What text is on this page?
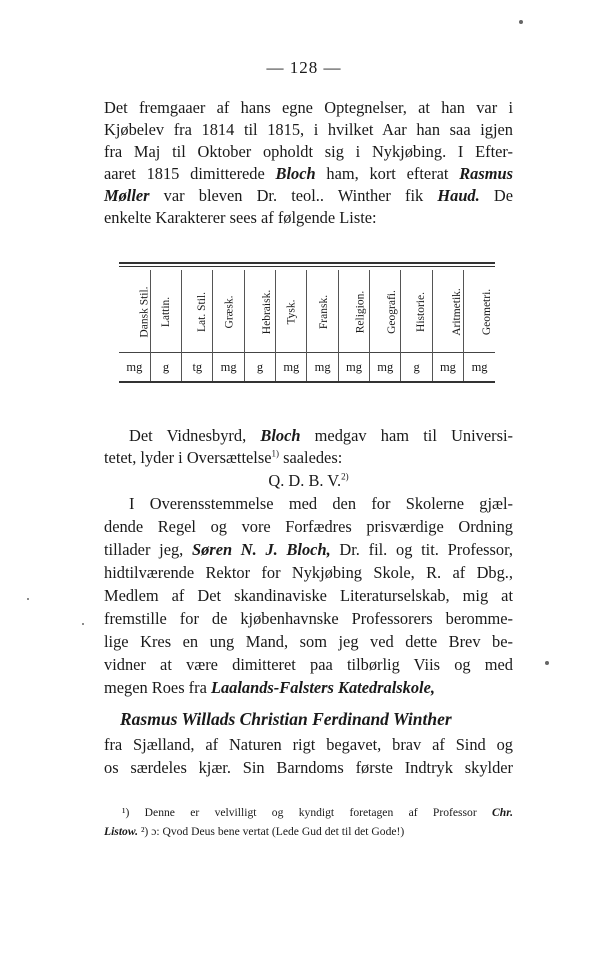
— 128 —

Det fremgaaer af hans egne Optegnelser, at han var i

Kjøbelev fra 1814 til 1815, i hvilket Aar han saa igjen

fra Maj til Oktober opholdt sig i Nykjøbing. I Efter-

aaret 1815 dimitterede Bloch ham, kort efterat Rasmus

Møller var bleven Dr. teol.. Winther fik Haud. De

enkelte Karakterer sees af følgende Liste:

Dansk Stil.	Lattin.	Lat. Stil.	Græsk.	Hebraisk.	Tysk.	Fransk.	Religion.	Geografi.	Historie.	Aritmetik.	Geometri.
mg	g	tg	mg	g	mg	mg	mg	mg	g	mg	mg

Det Vidnesbyrd, Bloch medgav ham til Universi-

tetet, lyder i Oversættelse$^{1)}$ saaledes:

Q. D. B. V.$^{2)}$

I Overensstemmelse med den for Skolerne gjæl-

dende Regel og vore Forfædres prisværdige Ordning

tillader jeg, Søren N. J. Bloch, Dr. fil. og tit. Professor,

hidtilværende Rektor for Nykjøbing Skole, R. af Dbg.,

Medlem af Det skandinaviske Literaturselskab, mig at

fremstille for de kjøbenhavnske Professorers beromme-

lige Kres en ung Mand, som jeg ved dette Brev be-

vidner at være dimitteret paa tilbørlig Viis og med

megen Roes fra Laalands-Falsters Katedralskole,

Rasmus Willads Christian Ferdinand Winther

fra Sjælland, af Naturen rigt begavet, brav af Sind og

os særdeles kjær. Sin Barndoms første Indtryk skylder

¹) Denne er velvilligt og kyndigt foretagen af Professor Chr.

Listow. ²) ɔ: Qvod Deus bene vertat (Lede Gud det til det Gode!)
